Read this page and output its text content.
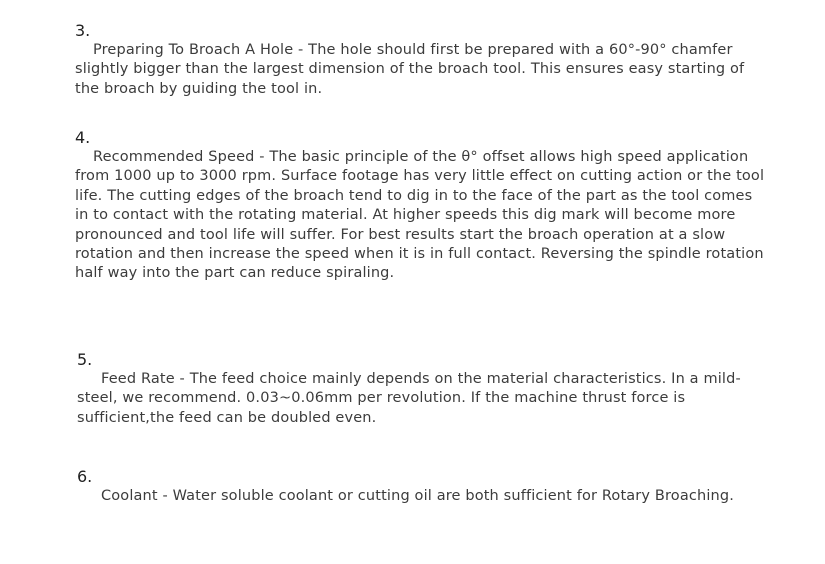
3.

Preparing To Broach A Hole - The hole should first be prepared with a 60°-90° chamfer slightly bigger than the largest dimension of the broach tool. This ensures easy starting of the broach by guiding the tool in.

4.

Recommended Speed - The basic principle of the θ° offset allows high speed application from 1000 up to 3000 rpm. Surface footage has very little effect on cutting action or the tool life. The cutting edges of the broach tend to dig in to the face of the part as the tool comes in to contact with the rotating material. At higher speeds this dig mark will become more pronounced and tool life will suffer. For best results start the broach operation at a slow rotation and then increase the speed when it is in full contact. Reversing the spindle rotation half way into the part can reduce spiraling.

5.

Feed Rate - The feed choice mainly depends on the material characteristics. In a mild-steel, we recommend. 0.03~0.06mm per revolution. If the machine thrust force is sufficient,the feed can be doubled even.

6.

Coolant - Water soluble coolant or cutting oil are both sufficient for Rotary Broaching.
